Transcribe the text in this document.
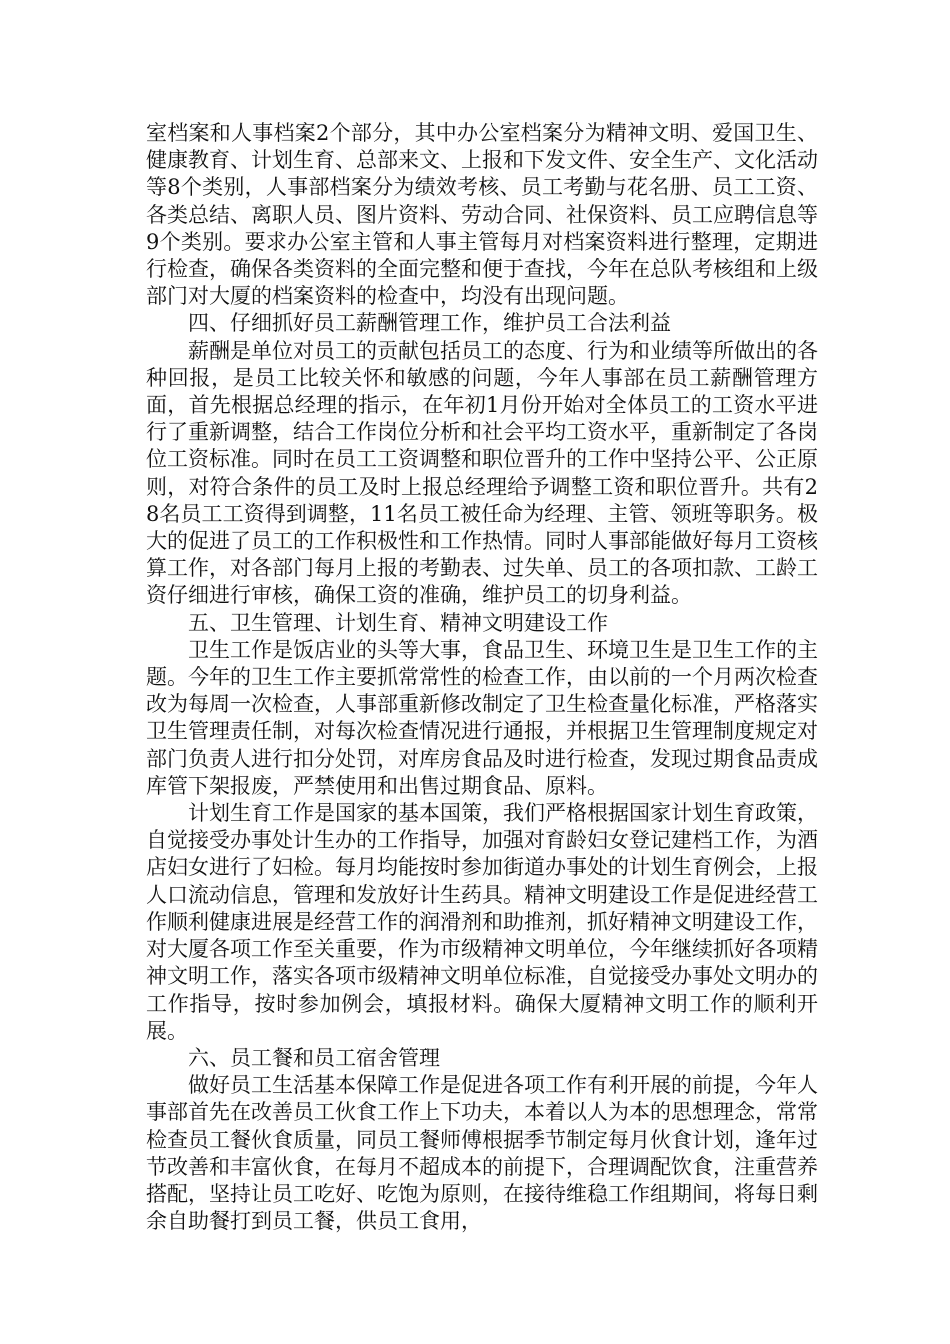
室档案和人事档案2个部分，其中办公室档案分为精神文明、爱国卫生、健康教育、计划生育、总部来文、上报和下发文件、安全生产、文化活动等8个类别，人事部档案分为绩效考核、员工考勤与花名册、员工工资、各类总结、离职人员、图片资料、劳动合同、社保资料、员工应聘信息等9个类别。要求办公室主管和人事主管每月对档案资料进行整理，定期进行检查，确保各类资料的全面完整和便于查找，今年在总队考核组和上级部门对大厦的档案资料的检查中，均没有出现问题。

四、仔细抓好员工薪酬管理工作，维护员工合法利益

薪酬是单位对员工的贡献包括员工的态度、行为和业绩等所做出的各种回报，是员工比较关怀和敏感的问题，今年人事部在员工薪酬管理方面，首先根据总经理的指示，在年初1月份开始对全体员工的工资水平进行了重新调整，结合工作岗位分析和社会平均工资水平，重新制定了各岗位工资标准。同时在员工工资调整和职位晋升的工作中坚持公平、公正原则，对符合条件的员工及时上报总经理给予调整工资和职位晋升。共有28名员工工资得到调整，11名员工被任命为经理、主管、领班等职务。极大的促进了员工的工作积极性和工作热情。同时人事部能做好每月工资核算工作，对各部门每月上报的考勤表、过失单、员工的各项扣款、工龄工资仔细进行审核，确保工资的准确，维护员工的切身利益。

五、卫生管理、计划生育、精神文明建设工作

卫生工作是饭店业的头等大事，食品卫生、环境卫生是卫生工作的主题。今年的卫生工作主要抓常常性的检查工作，由以前的一个月两次检查改为每周一次检查，人事部重新修改制定了卫生检查量化标准，严格落实卫生管理责任制，对每次检查情况进行通报，并根据卫生管理制度规定对部门负责人进行扣分处罚，对库房食品及时进行检查，发现过期食品责成库管下架报废，严禁使用和出售过期食品、原料。

计划生育工作是国家的基本国策，我们严格根据国家计划生育政策，自觉接受办事处计生办的工作指导，加强对育龄妇女登记建档工作，为酒店妇女进行了妇检。每月均能按时参加街道办事处的计划生育例会，上报人口流动信息，管理和发放好计生药具。精神文明建设工作是促进经营工作顺利健康进展是经营工作的润滑剂和助推剂，抓好精神文明建设工作，对大厦各项工作至关重要，作为市级精神文明单位，今年继续抓好各项精神文明工作，落实各项市级精神文明单位标准，自觉接受办事处文明办的工作指导，按时参加例会，填报材料。确保大厦精神文明工作的顺利开展。

六、员工餐和员工宿舍管理

做好员工生活基本保障工作是促进各项工作有利开展的前提，今年人事部首先在改善员工伙食工作上下功夫，本着以人为本的思想理念，常常检查员工餐伙食质量，同员工餐师傅根据季节制定每月伙食计划，逢年过节改善和丰富伙食，在每月不超成本的前提下，合理调配饮食，注重营养搭配，坚持让员工吃好、吃饱为原则，在接待维稳工作组期间，将每日剩余自助餐打到员工餐，供员工食用，
